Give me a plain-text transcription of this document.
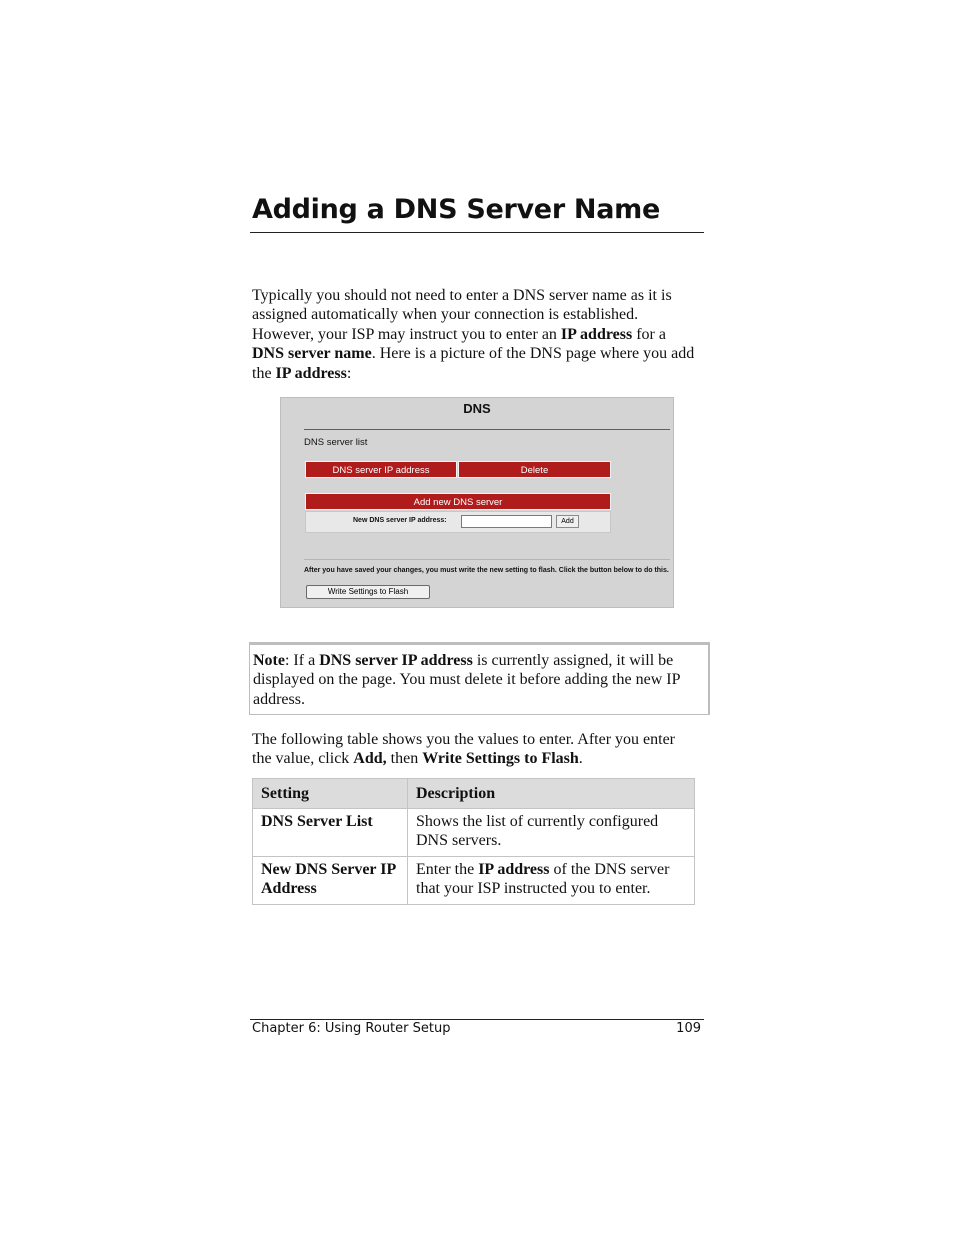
Adding a DNS Server Name

Typically you should not need to enter a DNS server name as it is assigned automatically when your connection is established. However, your ISP may instruct you to enter an IP address for a DNS server name. Here is a picture of the DNS page where you add the IP address:

DNS
DNS server list
DNS server IP address	Delete
Add new DNS server
New DNS server IP address:	Add
After you have saved your changes, you must write the new setting to flash. Click the button below to do this.
Write Settings to Flash

Note: If a DNS server IP address is currently assigned, it will be displayed on the page. You must delete it before adding the new IP address.

The following table shows you the values to enter. After you enter the value, click Add, then Write Settings to Flash.

Setting	Description
DNS Server List	Shows the list of currently configured DNS servers.
New DNS Server IP Address	Enter the IP address of the DNS server that your ISP instructed you to enter.
Chapter 6: Using Router Setup	109
